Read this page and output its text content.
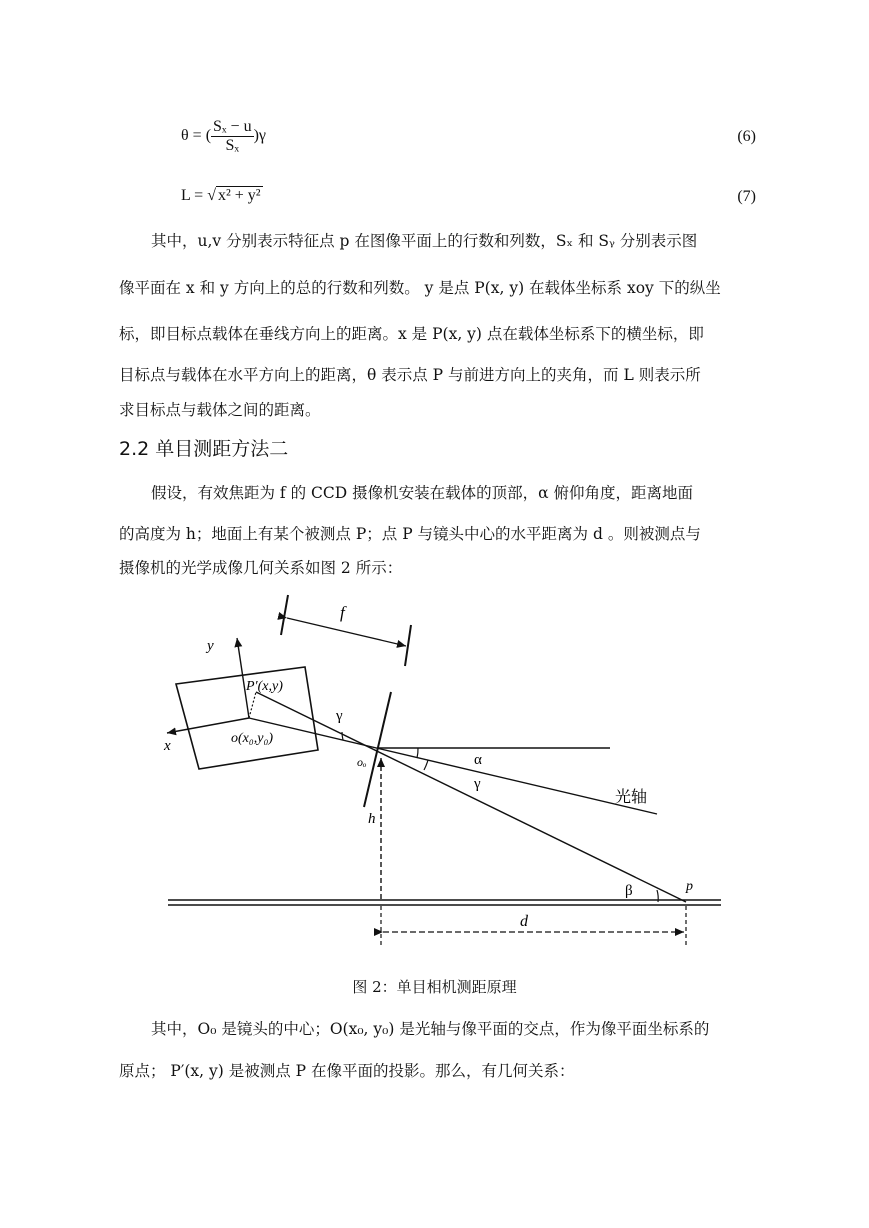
θ = ( $\frac{\text{Sₓ − u}}{\text{Sₓ}} )\gamma$	(6)
L = √ x² + y²	(7)
其中，u,v 分别表示特征点 p 在图像平面上的行数和列数，Sₓ 和 Sᵧ 分别表示图
像平面在 x 和 y 方向上的总的行数和列数。 y 是点 P(x, y) 在载体坐标系 xoy 下的纵坐
标，即目标点载体在垂线方向上的距离。x 是 P(x, y) 点在载体坐标系下的横坐标，即
目标点与载体在水平方向上的距离，θ 表示点 P 与前进方向上的夹角，而 L 则表示所
求目标点与载体之间的距离。
2.2 单目测距方法二
假设，有效焦距为 f 的 CCD 摄像机安装在载体的顶部，α 俯仰角度，距离地面
的高度为 h；地面上有某个被测点 P；点 P 与镜头中心的水平距离为 d 。则被测点与
摄像机的光学成像几何关系如图 2 所示：
f
y
x
P′(x,y)
o(x₀,y₀)
γ
oₒ	α
γ
光轴
h
β	p
d
图 2：单目相机测距原理
其中，O₀ 是镜头的中心；O(x₀, y₀) 是光轴与像平面的交点，作为像平面坐标系的
原点； P′(x, y) 是被测点 P 在像平面的投影。那么，有几何关系：
